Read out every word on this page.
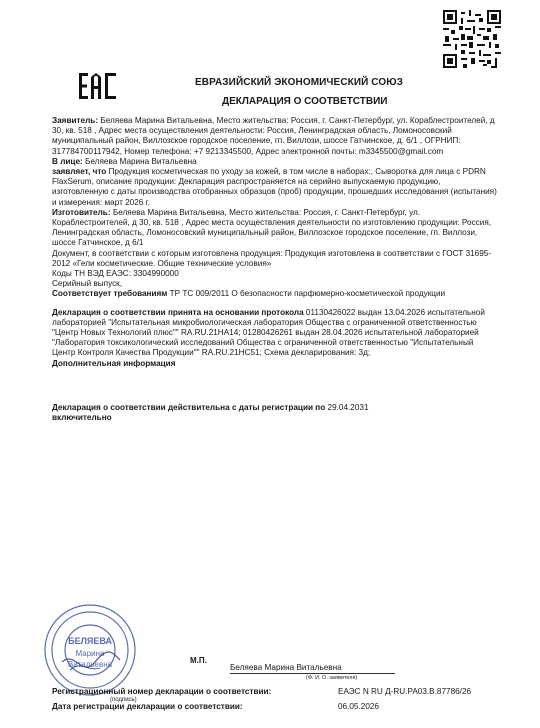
ЕВРАЗИЙСКИЙ ЭКОНОМИЧЕСКИЙ СОЮЗ
ДЕКЛАРАЦИЯ О СООТВЕТСТВИИ
Заявитель: Беляева Марина Витальевна, Место жительства: Россия, г. Санкт-Петербург, ул. Кораблестроителей, д 30, кв. 518 , Адрес места осуществления деятельности: Россия, Ленинградская область, Ломоносовский муниципальный район, Виллозское городское поселение, гп. Виллози, шоссе Гатчинское, д. 6/1 , ОГРНИП: 317784700117942, Номер телефона: +7 9213345500, Адрес электронной почты: m3345500@gmail.com
В лице: Беляева Марина Витальевна
заявляет, что Продукция косметическая по уходу за кожей, в том числе в наборах:, Сыворотка для лица с PDRN FlaxSerum, описание продукции: Декларация распространяется на серийно выпускаемую продукцию, изготовленную с даты производства отобранных образцов (проб) продукции, прошедших исследования (испытания) и измерения: март 2026 г.
Изготовитель: Беляева Марина Витальевна, Место жительства: Россия, г. Санкт-Петербург, ул. Кораблестроителей, д 30, кв. 518 , Адрес места осуществления деятельности по изготовлению продукции: Россия, Ленинградская область, Ломоносовский муниципальный район, Виллозское городское поселение, гп. Виллози, шоссе Гатчинское, д 6/1
Документ, в соответствии с которым изготовлена продукция: Продукция изготовлена в соответствии с ГОСТ 31695-2012 «Гели косметические. Общие технические условия»
Коды ТН ВЭД ЕАЭС: 3304990000
Серийный выпуск,
Соответствует требованиям ТР ТС 009/2011 О безопасности парфюмерно-косметической продукции
Декларация о соответствии принята на основании протокола 01130426022 выдан 13.04.2026 испытательной лабораторией "Испытательная микробиологическая лаборатория Общества с ограниченной ответственностью "Центр Новых Технологий плюс"" RA.RU.21HA14; 01280426261 выдан 28.04.2026 испытательной лабораторией "Лаборатория токсикологический исследований Общества с ограниченной ответственностью "Испытательный Центр Контроля Качества Продукции"" RA.RU.21HC51; Схема декларирования: 3д;
Дополнительная информация
Декларация о соответствии действительна с даты регистрации по 29.04.2031
включительно
БЕЛЯЕВА
Марина
Витальевна
(подпись)
М.П.
Беляева Марина Витальевна
(Ф. И. О. заявителя)
Регистрационный номер декларации о соответствии:	ЕАЭС N RU Д-RU.PA03.B.87786/26
Дата регистрации декларации о соответствии:	06.05.2026
